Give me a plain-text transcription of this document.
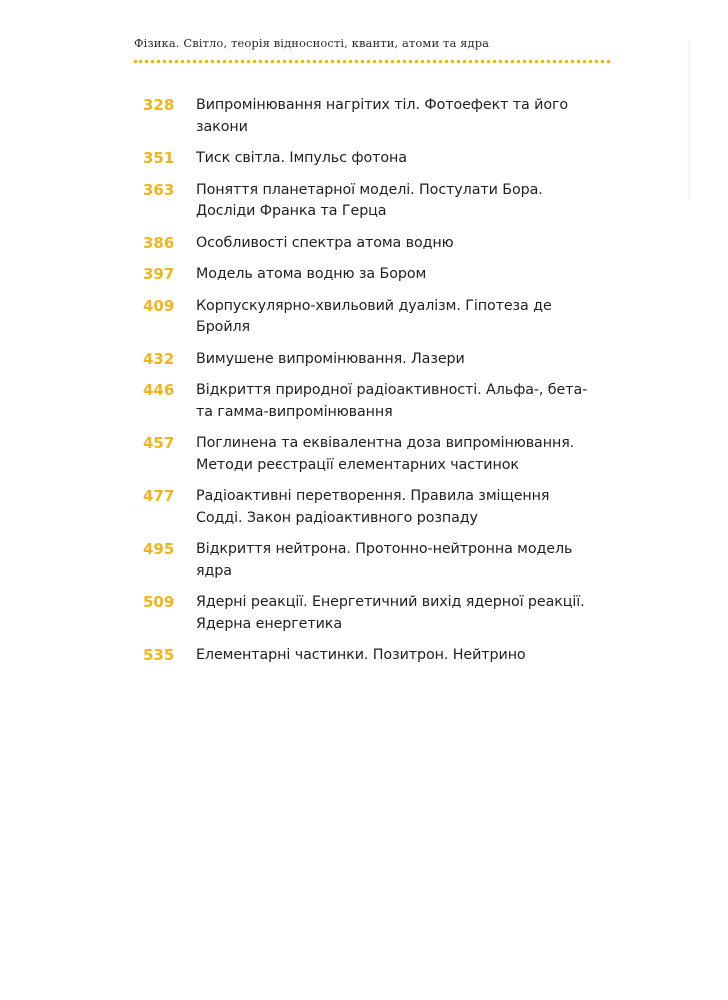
Фізика. Світло, теорія відносності, кванти, атоми та ядра
328	Випромінювання нагрітих тіл. Фотоефект та його
закони
351	Тиск світла. Імпульс фотона
363	Поняття планетарної моделі. Постулати Бора.
Досліди Франка та Герца
386	Особливості спектра атома водню
397	Модель атома водню за Бором
409	Корпускулярно-хвильовий дуалізм. Гіпотеза де
Бройля
432	Вимушене випромінювання. Лазери
446	Відкриття природної радіоактивності. Альфа-, бета-
та гамма-випромінювання
457	Поглинена та еквівалентна доза випромінювання.
Методи реєстрації елементарних частинок
477	Радіоактивні перетворення. Правила зміщення
Содді. Закон радіоактивного розпаду
495	Відкриття нейтрона. Протонно-нейтронна модель
ядра
509	Ядерні реакції. Енергетичний вихід ядерної реакції.
Ядерна енергетика
535	Елементарні частинки. Позитрон. Нейтрино
